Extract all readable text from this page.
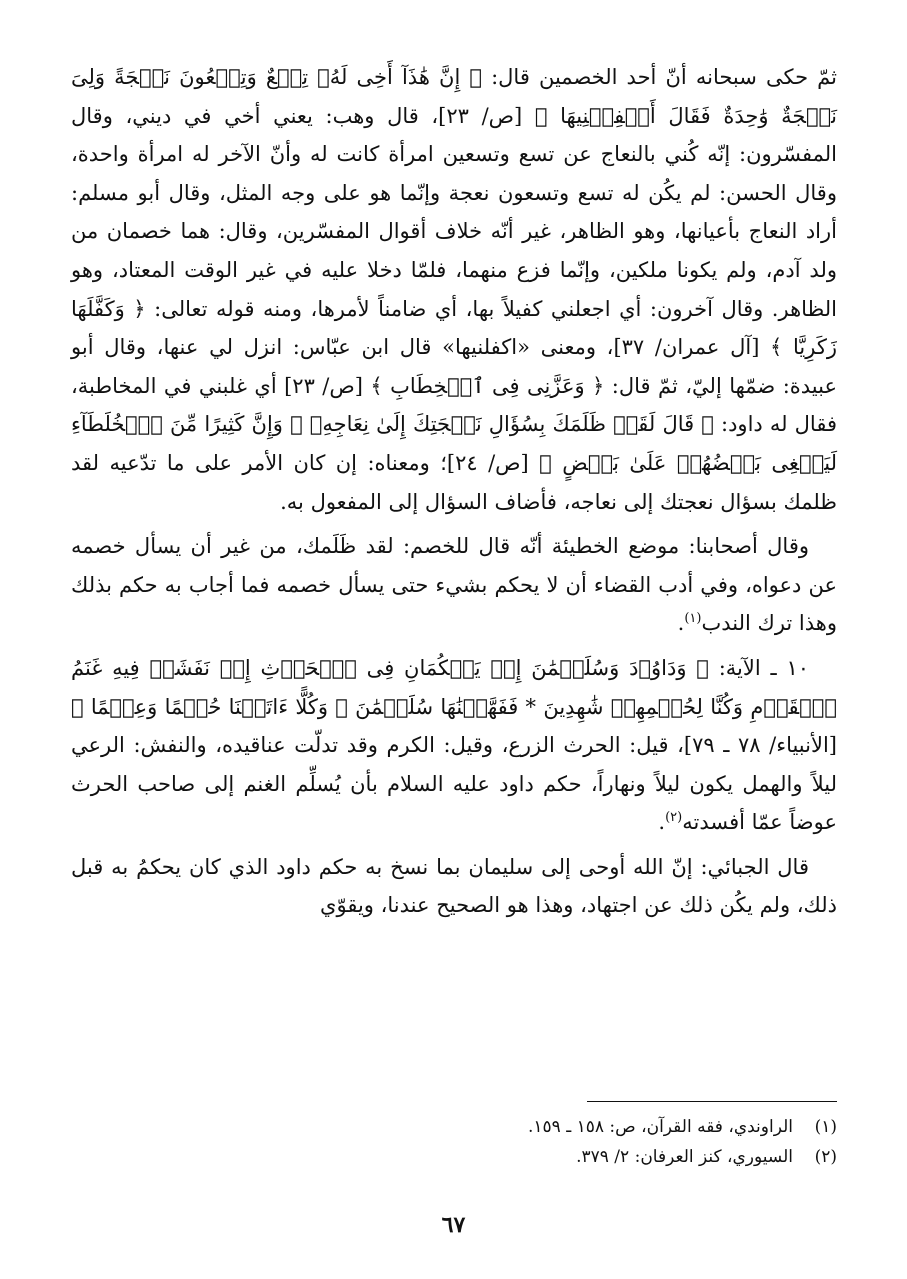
ثمّ حكى سبحانه أنّ أحد الخصمين قال: ﴿ إِنَّ هَٰذَآ أَخِى لَهُۥ تِسۡعٌ وَتِسۡعُونَ نَعۡجَةً وَلِىَ نَعۡجَةٌ وَٰحِدَةٌ فَقَالَ أَكۡفِلۡنِيهَا ﴾ [ص/ ٢٣]، قال وهب: يعني أخي في ديني، وقال المفسّرون: إنّه كُني بالنعاج عن تسع وتسعين امرأة كانت له وأنّ الآخر له امرأة واحدة، وقال الحسن: لم يكُن له تسع وتسعون نعجة وإنّما هو على وجه المثل، وقال أبو مسلم: أراد النعاج بأعيانها، وهو الظاهر، غير أنّه خلاف أقوال المفسّرين، وقال: هما خصمان من ولد آدم، ولم يكونا ملكين، وإنّما فزع منهما، فلمّا دخلا عليه في غير الوقت المعتاد، وهو الظاهر. وقال آخرون: أي اجعلني كفيلاً بها، أي ضامناً لأمرها، ومنه قوله تعالى: ﴿ وَكَفَّلَهَا زَكَرِيَّا ﴾ [آل عمران/ ٣٧]، ومعنى «اكفلنيها» قال ابن عبّاس: انزل لي عنها، وقال أبو عبيدة: ضمّها إليّ، ثمّ قال: ﴿ وَعَزَّنِى فِى ٱلۡخِطَابِ ﴾ [ص/ ٢٣] أي غلبني في المخاطبة، فقال له داود: ﴿ قَالَ لَقَدۡ ظَلَمَكَ بِسُؤَالِ نَعۡجَتِكَ إِلَىٰ نِعَاجِهِۦ ۖ وَإِنَّ كَثِيرًا مِّنَ ٱلۡخُلَطَآءِ لَيَبۡغِى بَعۡضُهُمۡ عَلَىٰ بَعۡضٍ ﴾ [ص/ ٢٤]؛ ومعناه: إن كان الأمر على ما تدّعيه لقد ظلمك بسؤال نعجتك إلى نعاجه، فأضاف السؤال إلى المفعول به.

وقال أصحابنا: موضع الخطيئة أنّه قال للخصم: لقد ظَلَمك، من غير أن يسأل خصمه عن دعواه، وفي أدب القضاء أن لا يحكم بشيء حتى يسأل خصمه فما أجاب به حكم بذلك وهذا ترك الندب$^{(١)}$.

١٠ ـ الآية: ﴿ وَدَاوُۥدَ وَسُلَيۡمَٰنَ إِذۡ يَحۡكُمَانِ فِى ٱلۡحَرۡثِ إِذۡ نَفَشَتۡ فِيهِ غَنَمُ ٱلۡقَوۡمِ وَكُنَّا لِحُكۡمِهِمۡ شَٰهِدِينَ * فَفَهَّمۡنَٰهَا سُلَيۡمَٰنَ ۚ وَكُلًّا ءَاتَيۡنَا حُكۡمًا وَعِلۡمًا ﴾ [الأنبياء/ ٧٨ ـ ٧٩]، قيل: الحرث الزرع، وقيل: الكرم وقد تدلّت عناقيده، والنفش: الرعي ليلاً والهمل يكون ليلاً ونهاراً، حكم داود عليه السلام بأن يُسلِّم الغنم إلى صاحب الحرث عوضاً عمّا أفسدته$^{(٢)}$.

قال الجبائي: إنّ الله أوحى إلى سليمان بما نسخ به حكم داود الذي كان يحكمُ به قبل ذلك، ولم يكُن ذلك عن اجتهاد، وهذا هو الصحيح عندنا، ويقوّي

(١)
الراوندي، فقه القرآن، ص: ١٥٨ ـ ١٥٩.
(٢)
السيوري، كنز العرفان: ٢/ ٣٧٩.
٦٧
